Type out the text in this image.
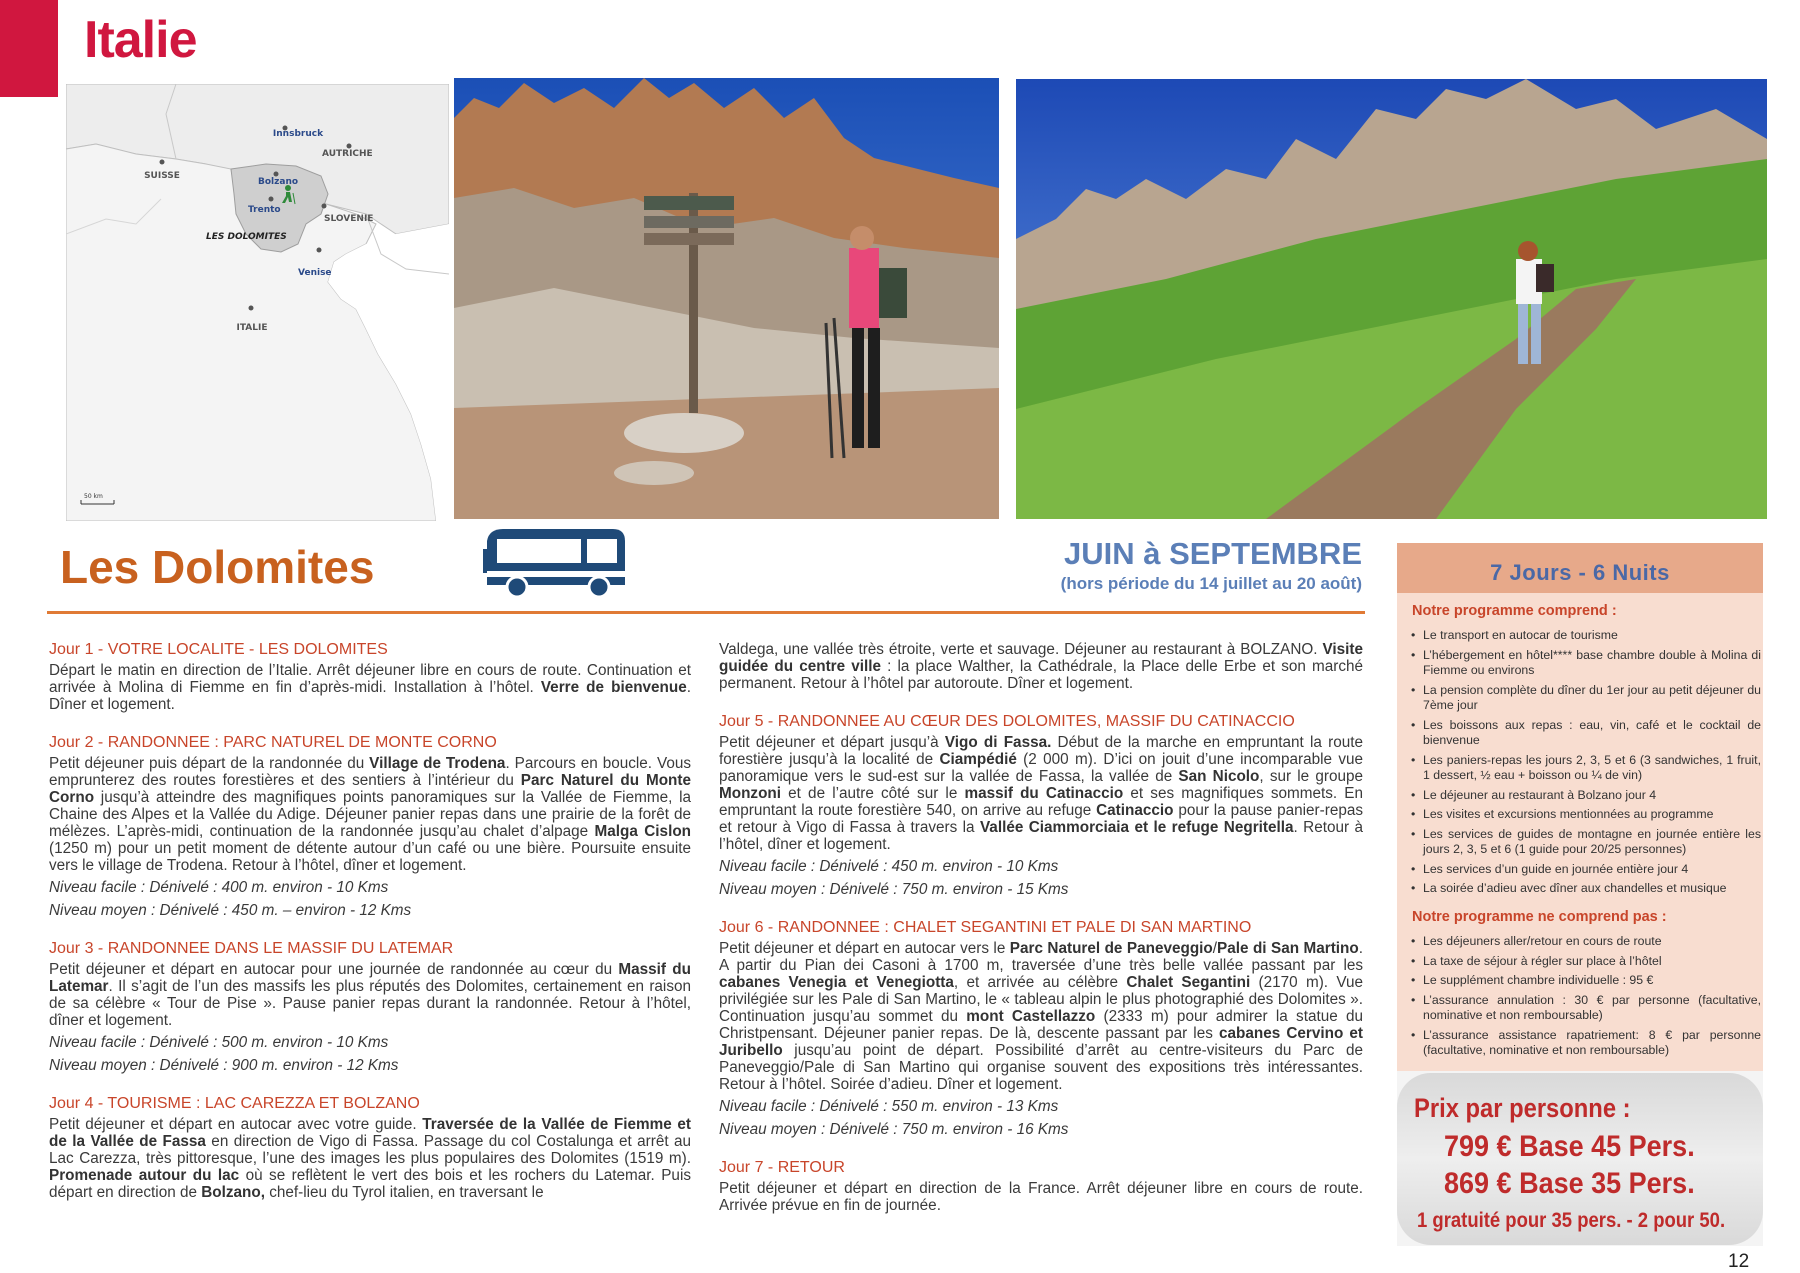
Italie
Innsbruck
AUTRICHE
SUISSE
Bolzano
Trento
SLOVENIE
LES DOLOMITES
Venise
ITALIE
50 km
Les Dolomites	JUIN à SEPTEMBRE
(hors période du 14 juillet au 20 août)
Jour 1 - VOTRE LOCALITE - LES DOLOMITES

Départ le matin en direction de l’Italie. Arrêt déjeuner libre en cours de route. Continuation et arrivée à Molina di Fiemme en fin d’après-midi. Installation à l’hôtel. Verre de bienvenue. Dîner et logement.

Jour 2 - RANDONNEE : PARC NATUREL DE MONTE CORNO

Petit déjeuner puis départ de la randonnée du Village de Trodena. Parcours en boucle. Vous emprunterez des routes forestières et des sentiers à l’intérieur du Parc Naturel du Monte Corno jusqu’à atteindre des magnifiques points panoramiques sur la Vallée de Fiemme, la Chaine des Alpes et la Vallée du Adige. Déjeuner panier repas dans une prairie de la forêt de mélèzes. L’après-midi, continuation de la randonnée jusqu’au chalet d’alpage Malga Cislon (1250 m) pour un petit moment de détente autour d’un café ou une bière. Poursuite ensuite vers le village de Trodena. Retour à l’hôtel, dîner et logement.

Niveau facile : Dénivelé : 400 m. environ - 10 Kms

Niveau moyen : Dénivelé : 450 m. – environ - 12 Kms

Jour 3 - RANDONNEE DANS LE MASSIF DU LATEMAR

Petit déjeuner et départ en autocar pour une journée de randonnée au cœur du Massif du Latemar. Il s’agit de l’un des massifs les plus réputés des Dolomites, certainement en raison de sa célèbre « Tour de Pise ». Pause panier repas durant la randonnée. Retour à l’hôtel, dîner et logement.

Niveau facile : Dénivelé : 500 m. environ - 10 Kms

Niveau moyen : Dénivelé : 900 m. environ - 12 Kms

Jour 4 - TOURISME : LAC CAREZZA ET BOLZANO

Petit déjeuner et départ en autocar avec votre guide. Traversée de la Vallée de Fiemme et de la Vallée de Fassa en direction de Vigo di Fassa. Passage du col Costalunga et arrêt au Lac Carezza, très pittoresque, l’une des images les plus populaires des Dolomites (1519 m). Promenade autour du lac où se reflètent le vert des bois et les rochers du Latemar. Puis départ en direction de Bolzano, chef-lieu du Tyrol italien, en traversant le

Valdega, une vallée très étroite, verte et sauvage. Déjeuner au restaurant à BOLZANO. Visite guidée du centre ville : la place Walther, la Cathédrale, la Place delle Erbe et son marché permanent. Retour à l’hôtel par autoroute. Dîner et logement.

Jour 5 - RANDONNEE AU CŒUR DES DOLOMITES, MASSIF DU CATINACCIO

Petit déjeuner et départ jusqu’à Vigo di Fassa. Début de la marche en empruntant la route forestière jusqu’à la localité de Ciampédié (2 000 m). D’ici on jouit d’une incomparable vue panoramique vers le sud-est sur la vallée de Fassa, la vallée de San Nicolo, sur le groupe Monzoni et de l’autre côté sur le massif du Catinaccio et ses magnifiques sommets. En empruntant la route forestière 540, on arrive au refuge Catinaccio pour la pause panier-repas et retour à Vigo di Fassa à travers la Vallée Ciammorciaia et le refuge Negritella. Retour à l’hôtel, dîner et logement.

Niveau facile : Dénivelé : 450 m. environ - 10 Kms

Niveau moyen : Dénivelé : 750 m. environ - 15 Kms

Jour 6 - RANDONNEE : CHALET SEGANTINI ET PALE DI SAN MARTINO

Petit déjeuner et départ en autocar vers le Parc Naturel de Paneveggio/Pale di San Martino. A partir du Pian dei Casoni à 1700 m, traversée d’une très belle vallée passant par les cabanes Venegia et Venegiotta, et arrivée au célèbre Chalet Segantini (2170 m). Vue privilégiée sur les Pale di San Martino, le « tableau alpin le plus photographié des Dolomites ». Continuation jusqu’au sommet du mont Castellazzo (2333 m) pour admirer la statue du Christpensant. Déjeuner panier repas. De là, descente passant par les cabanes Cervino et Juribello jusqu’au point de départ. Possibilité d’arrêt au centre-visiteurs du Parc de Paneveggio/Pale di San Martino qui organise souvent des expositions très intéressantes. Retour à l’hôtel. Soirée d’adieu. Dîner et logement.

Niveau facile : Dénivelé : 550 m. environ - 13 Kms

Niveau moyen : Dénivelé : 750 m. environ - 16 Kms

Jour 7 - RETOUR

Petit déjeuner et départ en direction de la France. Arrêt déjeuner libre en cours de route. Arrivée prévue en fin de journée.

7 Jours - 6 Nuits
Notre programme comprend :
• Le transport en autocar de tourisme
• L’hébergement en hôtel**** base chambre double à Molina di Fiemme ou environs
• La pension complète du dîner du 1er jour au petit déjeuner du 7ème jour
• Les boissons aux repas : eau, vin, café et le cocktail de bienvenue
• Les paniers-repas les jours 2, 3, 5 et 6 (3 sandwiches, 1 fruit, 1 dessert, ½ eau + boisson ou ¼ de vin)
• Le déjeuner au restaurant à Bolzano jour 4
• Les visites et excursions mentionnées au programme
• Les services de guides de montagne en journée entière les jours 2, 3, 5 et 6 (1 guide pour 20/25 personnes)
• Les services d’un guide en journée entière jour 4
• La soirée d’adieu avec dîner aux chandelles et musique
Notre programme ne comprend pas :
• Les déjeuners aller/retour en cours de route
• La taxe de séjour à régler sur place à l’hôtel
• Le supplément chambre individuelle : 95 €
• L’assurance annulation : 30 € par personne (facultative, nominative et non remboursable)
• L’assurance assistance rapatriement: 8 € par personne (facultative, nominative et non remboursable)
Prix par personne :
799 € Base 45 Pers.
869 € Base 35 Pers.
1 gratuité pour 35 pers. - 2 pour 50.
12
